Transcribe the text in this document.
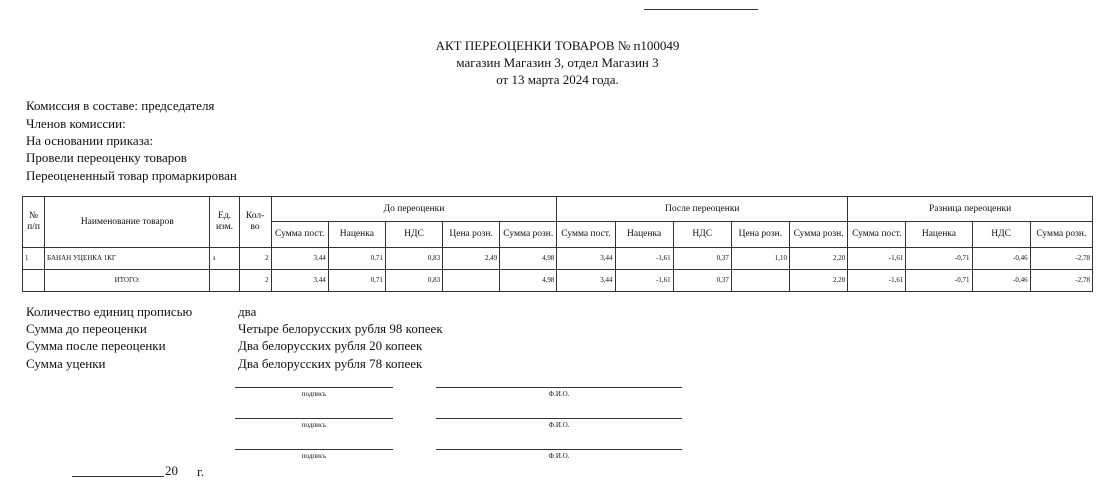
АКТ ПЕРЕОЦЕНКИ ТОВАРОВ № п100049
магазин Магазин 3, отдел Магазин 3
от 13 марта 2024 года.
Комиссия в составе: председателя
Членов комиссии:
На основании приказа:
Провели переоценку товаров
Переоцененный товар промаркирован
№ п/п	Наименование товаров	Ед. изм.	Кол-во	До переоценки					После переоценки					Разница переоценки			
				Сумма пост.	Наценка	НДС	Цена розн.	Сумма розн.	Сумма пост.	Наценка	НДС	Цена розн.	Сумма розн.	Сумма пост.	Наценка	НДС	Сумма розн.
1	БАНАН УЦЕНКА 1КГ	з	2	3,44	0,71	0,83	2,49	4,98	3,44	-1,61	0,37	1,10	2,20	-1,61	-0,71	-0,46	-2,78
	ИТОГО:		2	3,44	0,71	0,83		4,98	3,44	-1,61	0,37		2,20	-1,61	-0,71	-0,46	-2,78
Количество единиц прописью	два
Сумма до переоценки	Четыре белорусских рубля 98 копеек
Сумма после переоценки	Два белорусских рубля 20 копеек
Сумма уценки	Два белорусских рубля 78 копеек
подпись	Ф.И.О.
подпись	Ф.И.О.
подпись	Ф.И.О.
20 г.
